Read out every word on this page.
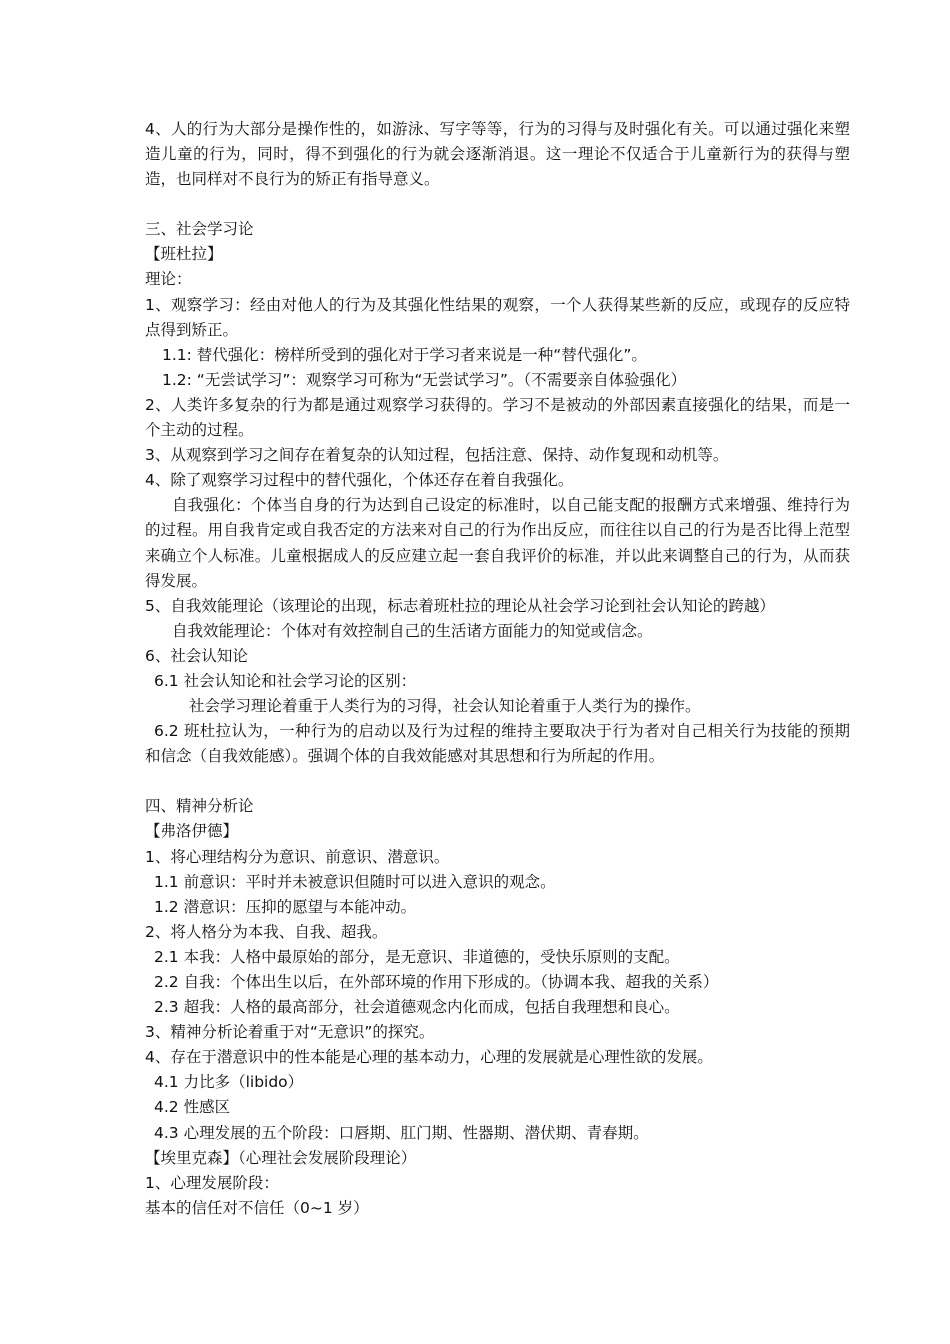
4、人的行为大部分是操作性的，如游泳、写字等等，行为的习得与及时强化有关。可以通过强化来塑造儿童的行为，同时，得不到强化的行为就会逐渐消退。这一理论不仅适合于儿童新行为的获得与塑造，也同样对不良行为的矫正有指导意义。

三、社会学习论

【班杜拉】

理论：

1、观察学习：经由对他人的行为及其强化性结果的观察，一个人获得某些新的反应，或现存的反应特点得到矫正。

1.1: 替代强化：榜样所受到的强化对于学习者来说是一种“替代强化”。

1.2: “无尝试学习”：观察学习可称为“无尝试学习”。（不需要亲自体验强化）

2、人类许多复杂的行为都是通过观察学习获得的。学习不是被动的外部因素直接强化的结果，而是一个主动的过程。

3、从观察到学习之间存在着复杂的认知过程，包括注意、保持、动作复现和动机等。

4、除了观察学习过程中的替代强化，个体还存在着自我强化。

自我强化：个体当自身的行为达到自己设定的标准时，以自己能支配的报酬方式来增强、维持行为的过程。用自我肯定或自我否定的方法来对自己的行为作出反应，而往往以自己的行为是否比得上范型来确立个人标准。儿童根据成人的反应建立起一套自我评价的标准，并以此来调整自己的行为，从而获得发展。

5、自我效能理论（该理论的出现，标志着班杜拉的理论从社会学习论到社会认知论的跨越）

自我效能理论：个体对有效控制自己的生活诸方面能力的知觉或信念。

6、社会认知论

6.1 社会认知论和社会学习论的区别：

社会学习理论着重于人类行为的习得，社会认知论着重于人类行为的操作。

6.2 班杜拉认为，一种行为的启动以及行为过程的维持主要取决于行为者对自己相关行为技能的预期和信念（自我效能感）。强调个体的自我效能感对其思想和行为所起的作用。

四、精神分析论

【弗洛伊德】

1、将心理结构分为意识、前意识、潜意识。

1.1 前意识：平时并未被意识但随时可以进入意识的观念。

1.2 潜意识：压抑的愿望与本能冲动。

2、将人格分为本我、自我、超我。

2.1 本我：人格中最原始的部分，是无意识、非道德的，受快乐原则的支配。

2.2 自我：个体出生以后，在外部环境的作用下形成的。（协调本我、超我的关系）

2.3 超我：人格的最高部分，社会道德观念内化而成，包括自我理想和良心。

3、精神分析论着重于对“无意识”的探究。

4、存在于潜意识中的性本能是心理的基本动力，心理的发展就是心理性欲的发展。

4.1 力比多（libido）

4.2 性感区

4.3 心理发展的五个阶段：口唇期、肛门期、性器期、潜伏期、青春期。

【埃里克森】（心理社会发展阶段理论）

1、心理发展阶段：

基本的信任对不信任（0~1 岁）
